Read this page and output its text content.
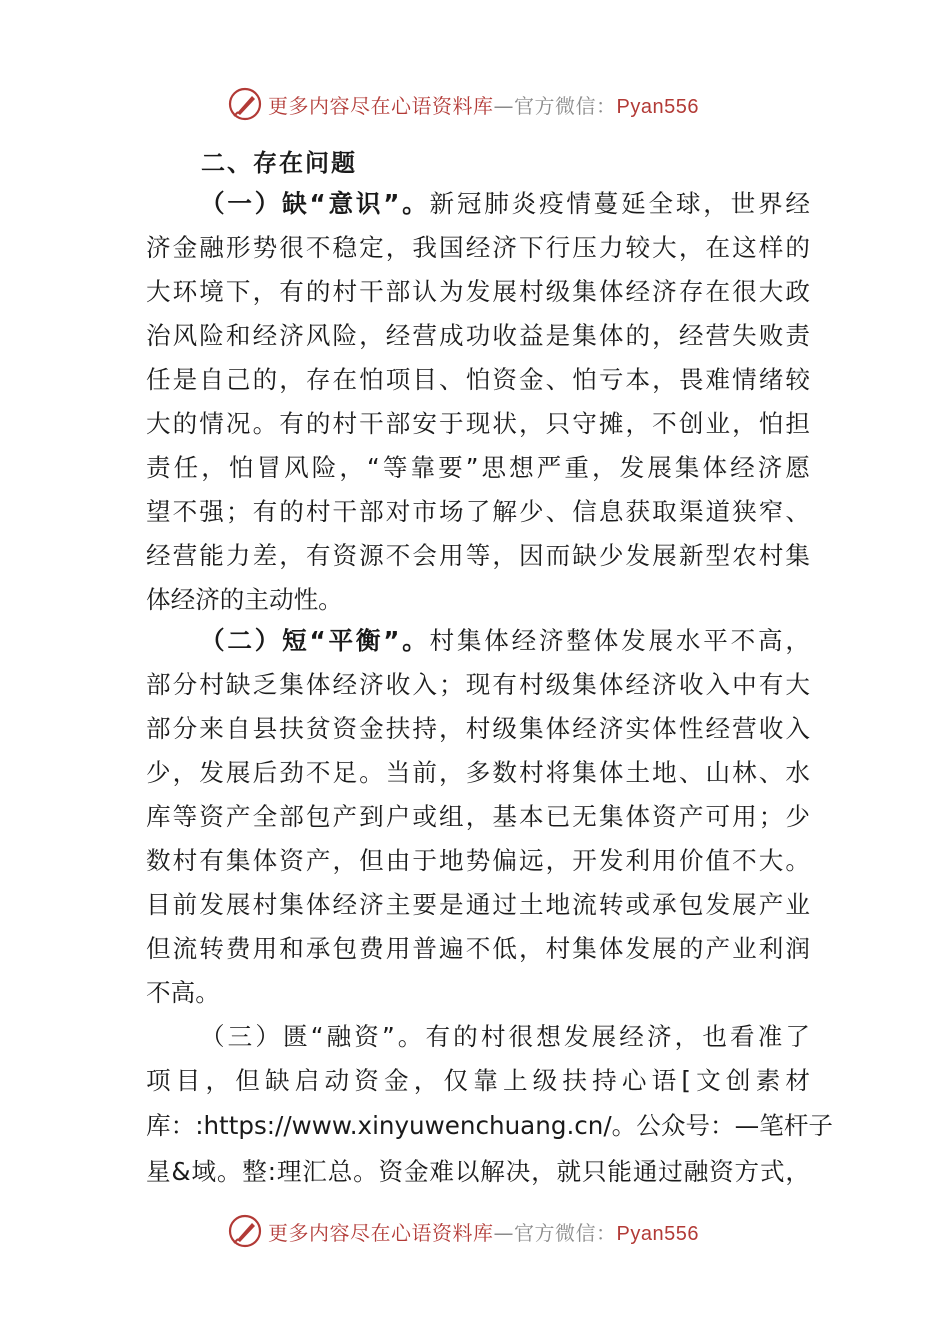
更多内容尽在心语资料库—官方微信：Pyan556
二、存在问题
（一）缺“意识”。新冠肺炎疫情蔓延全球，世界经
济金融形势很不稳定，我国经济下行压力较大，在这样的
大环境下，有的村干部认为发展村级集体经济存在很大政
治风险和经济风险，经营成功收益是集体的，经营失败责
任是自己的，存在怕项目、怕资金、怕亏本，畏难情绪较
大的情况。有的村干部安于现状，只守摊，不创业，怕担
责任，怕冒风险，“等靠要”思想严重，发展集体经济愿
望不强；有的村干部对市场了解少、信息获取渠道狭窄、
经营能力差，有资源不会用等，因而缺少发展新型农村集
体经济的主动性。
（二）短“平衡”。村集体经济整体发展水平不高，
部分村缺乏集体经济收入；现有村级集体经济收入中有大
部分来自县扶贫资金扶持，村级集体经济实体性经营收入
少，发展后劲不足。当前，多数村将集体土地、山林、水
库等资产全部包产到户或组，基本已无集体资产可用；少
数村有集体资产，但由于地势偏远，开发利用价值不大。
目前发展村集体经济主要是通过土地流转或承包发展产业
但流转费用和承包费用普遍不低，村集体发展的产业利润
不高。
（三）匮“融资”。有的村很想发展经济，也看准了
项目，但缺启动资金，仅靠上级扶持心语[文创素材
库：:https://www.xinyuwenchuang.cn/。公众号：—笔杆子
星&域。整:理汇总。资金难以解决，就只能通过融资方式，
更多内容尽在心语资料库—官方微信：Pyan556
